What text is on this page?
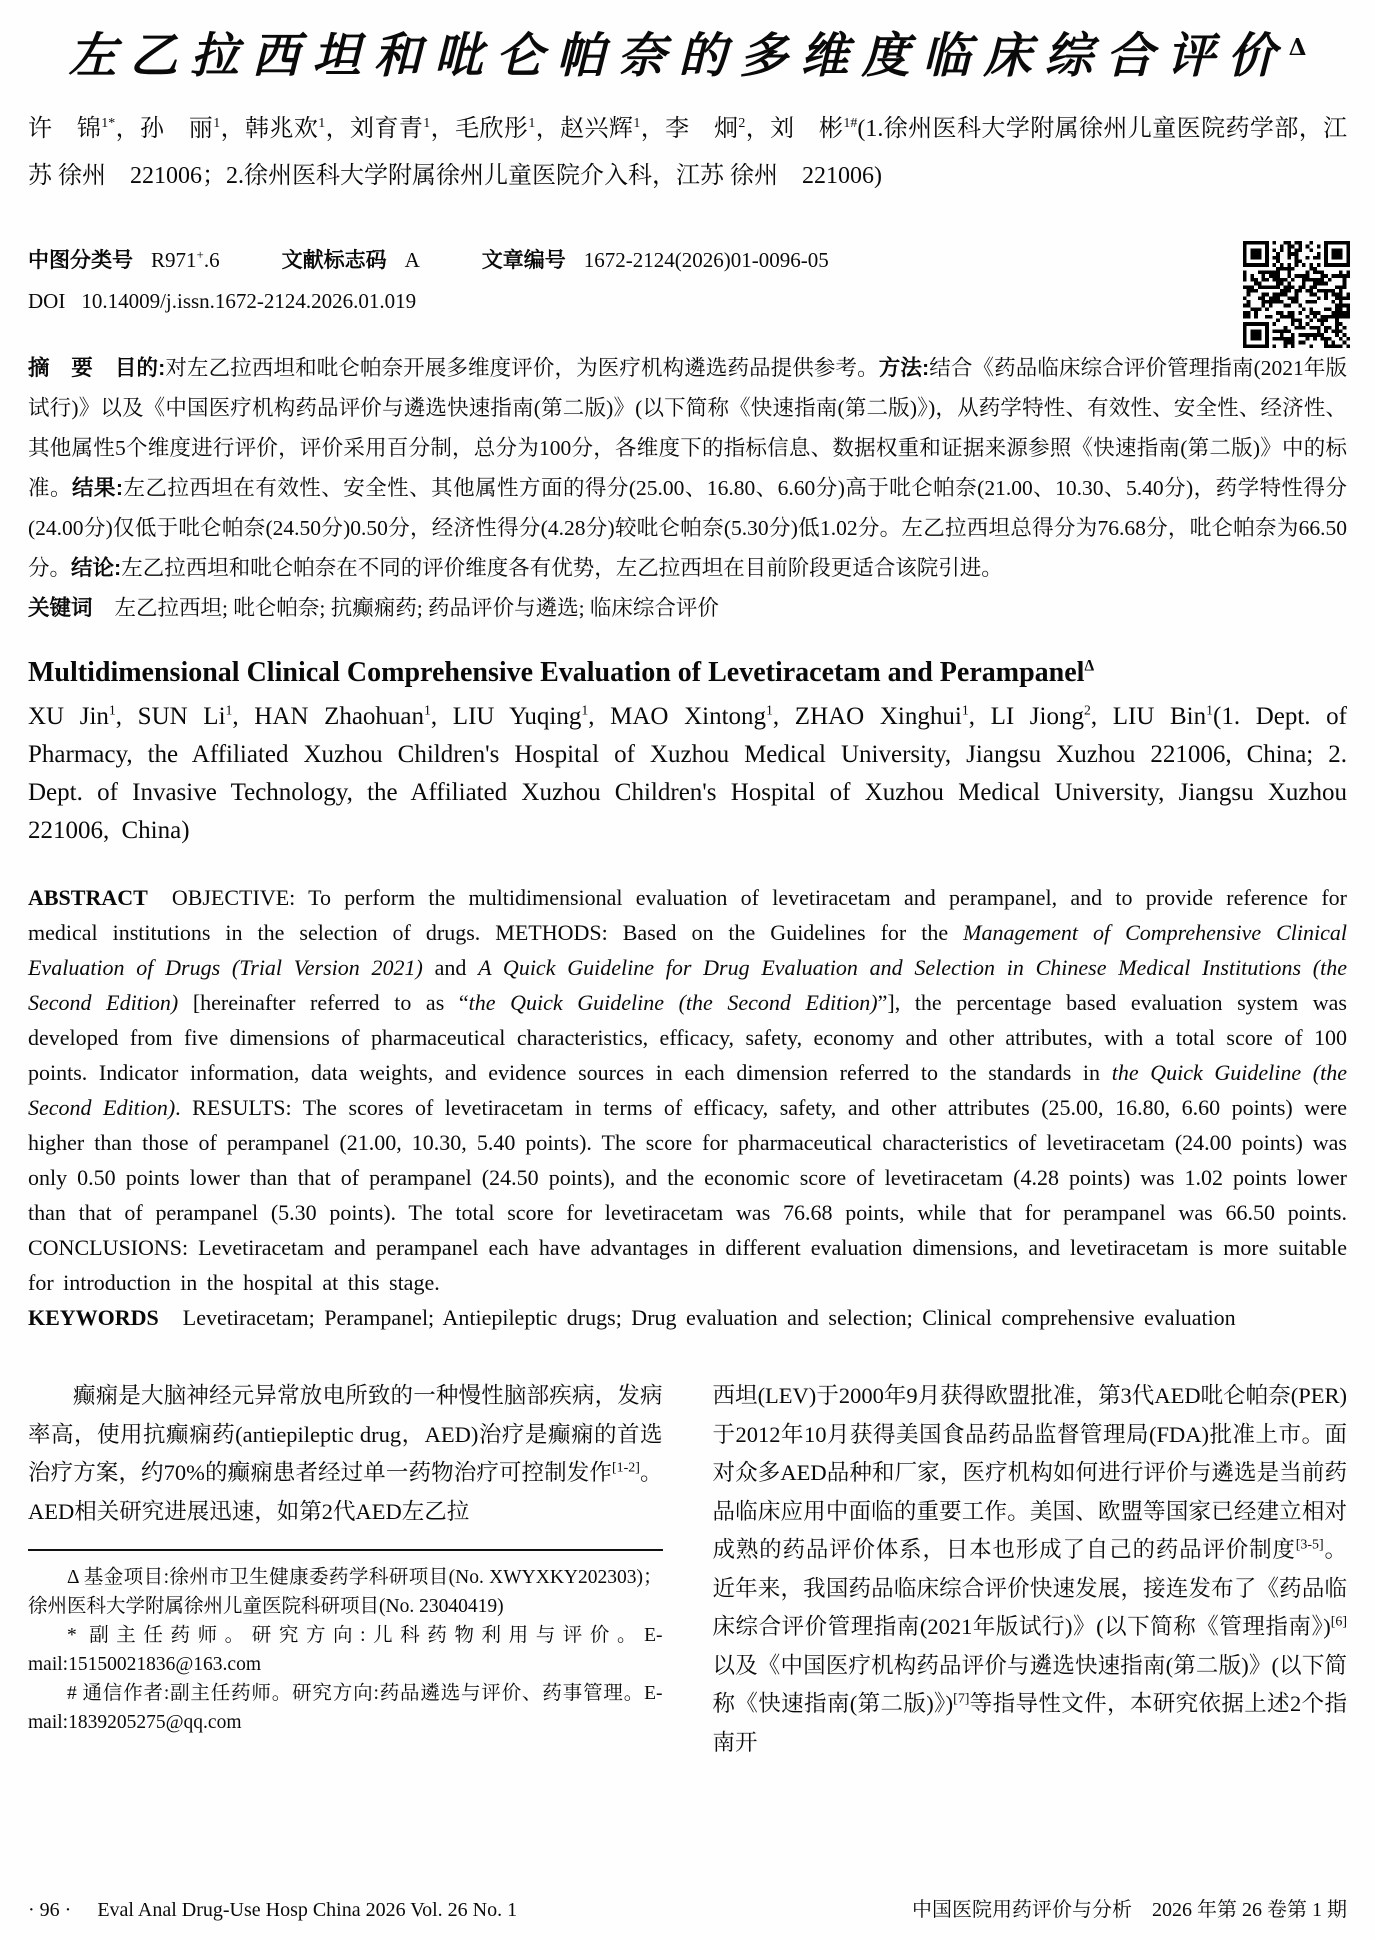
左乙拉西坦和吡仑帕奈的多维度临床综合评价$^\Delta$

许　锦$^{1*}$，孙　丽$^1$，韩兆欢$^1$，刘育青$^1$，毛欣彤$^1$，赵兴辉$^1$，李　炯$^2$，刘　彬$^{1\#}$(1.徐州医科大学附属徐州儿童医院药学部，江苏 徐州　221006；2.徐州医科大学附属徐州儿童医院介入科，江苏 徐州　221006)

中图分类号 R971+.6	文献标志码 A	文章编号 1672-2124(2026)01-0096-05
DOI 10.14009/j.issn.1672-2124.2026.01.019

摘　要 目的:对左乙拉西坦和吡仑帕奈开展多维度评价，为医疗机构遴选药品提供参考。方法:结合《药品临床综合评价管理指南(2021年版试行)》以及《中国医疗机构药品评价与遴选快速指南(第二版)》(以下简称《快速指南(第二版)》)，从药学特性、有效性、安全性、经济性、其他属性5个维度进行评价，评价采用百分制，总分为100分，各维度下的指标信息、数据权重和证据来源参照《快速指南(第二版)》中的标准。结果:左乙拉西坦在有效性、安全性、其他属性方面的得分(25.00、16.80、6.60分)高于吡仑帕奈(21.00、10.30、5.40分)，药学特性得分(24.00分)仅低于吡仑帕奈(24.50分)0.50分，经济性得分(4.28分)较吡仑帕奈(5.30分)低1.02分。左乙拉西坦总得分为76.68分，吡仑帕奈为66.50分。结论:左乙拉西坦和吡仑帕奈在不同的评价维度各有优势，左乙拉西坦在目前阶段更适合该院引进。

关键词 左乙拉西坦; 吡仑帕奈; 抗癫痫药; 药品评价与遴选; 临床综合评价

Multidimensional Clinical Comprehensive Evaluation of Levetiracetam and Perampanel$^\Delta$

XU Jin$^1$, SUN Li$^1$, HAN Zhaohuan$^1$, LIU Yuqing$^1$, MAO Xintong$^1$, ZHAO Xinghui$^1$, LI Jiong$^2$, LIU Bin$^1$(1. Dept. of Pharmacy, the Affiliated Xuzhou Children's Hospital of Xuzhou Medical University, Jiangsu Xuzhou 221006, China; 2. Dept. of Invasive Technology, the Affiliated Xuzhou Children's Hospital of Xuzhou Medical University, Jiangsu Xuzhou 221006, China)

ABSTRACT OBJECTIVE: To perform the multidimensional evaluation of levetiracetam and perampanel, and to provide reference for medical institutions in the selection of drugs. METHODS: Based on the Guidelines for the Management of Comprehensive Clinical Evaluation of Drugs (Trial Version 2021) and A Quick Guideline for Drug Evaluation and Selection in Chinese Medical Institutions (the Second Edition) [hereinafter referred to as “the Quick Guideline (the Second Edition)”], the percentage based evaluation system was developed from five dimensions of pharmaceutical characteristics, efficacy, safety, economy and other attributes, with a total score of 100 points. Indicator information, data weights, and evidence sources in each dimension referred to the standards in the Quick Guideline (the Second Edition). RESULTS: The scores of levetiracetam in terms of efficacy, safety, and other attributes (25.00, 16.80, 6.60 points) were higher than those of perampanel (21.00, 10.30, 5.40 points). The score for pharmaceutical characteristics of levetiracetam (24.00 points) was only 0.50 points lower than that of perampanel (24.50 points), and the economic score of levetiracetam (4.28 points) was 1.02 points lower than that of perampanel (5.30 points). The total score for levetiracetam was 76.68 points, while that for perampanel was 66.50 points. CONCLUSIONS: Levetiracetam and perampanel each have advantages in different evaluation dimensions, and levetiracetam is more suitable for introduction in the hospital at this stage.

KEYWORDS Levetiracetam; Perampanel; Antiepileptic drugs; Drug evaluation and selection; Clinical comprehensive evaluation

癫痫是大脑神经元异常放电所致的一种慢性脑部疾病，发病率高，使用抗癫痫药(antiepileptic drug，AED)治疗是癫痫的首选治疗方案，约70%的癫痫患者经过单一药物治疗可控制发作[1-2]。AED相关研究进展迅速，如第2代AED左乙拉

Δ 基金项目:徐州市卫生健康委药学科研项目(No. XWYXKY202303)；徐州医科大学附属徐州儿童医院科研项目(No. 23040419)

* 副主任药师。研究方向:儿科药物利用与评价。E-mail:15150021836@163.com

# 通信作者:副主任药师。研究方向:药品遴选与评价、药事管理。E-mail:1839205275@qq.com

西坦(LEV)于2000年9月获得欧盟批准，第3代AED吡仑帕奈(PER)于2012年10月获得美国食品药品监督管理局(FDA)批准上市。面对众多AED品种和厂家，医疗机构如何进行评价与遴选是当前药品临床应用中面临的重要工作。美国、欧盟等国家已经建立相对成熟的药品评价体系，日本也形成了自己的药品评价制度[3-5]。近年来，我国药品临床综合评价快速发展，接连发布了《药品临床综合评价管理指南(2021年版试行)》(以下简称《管理指南》)[6]以及《中国医疗机构药品评价与遴选快速指南(第二版)》(以下简称《快速指南(第二版)》)[7]等指导性文件，本研究依据上述2个指南开

· 96 · Eval Anal Drug-Use Hosp China 2026 Vol. 26 No. 1	中国医院用药评价与分析　2026 年第 26 卷第 1 期
